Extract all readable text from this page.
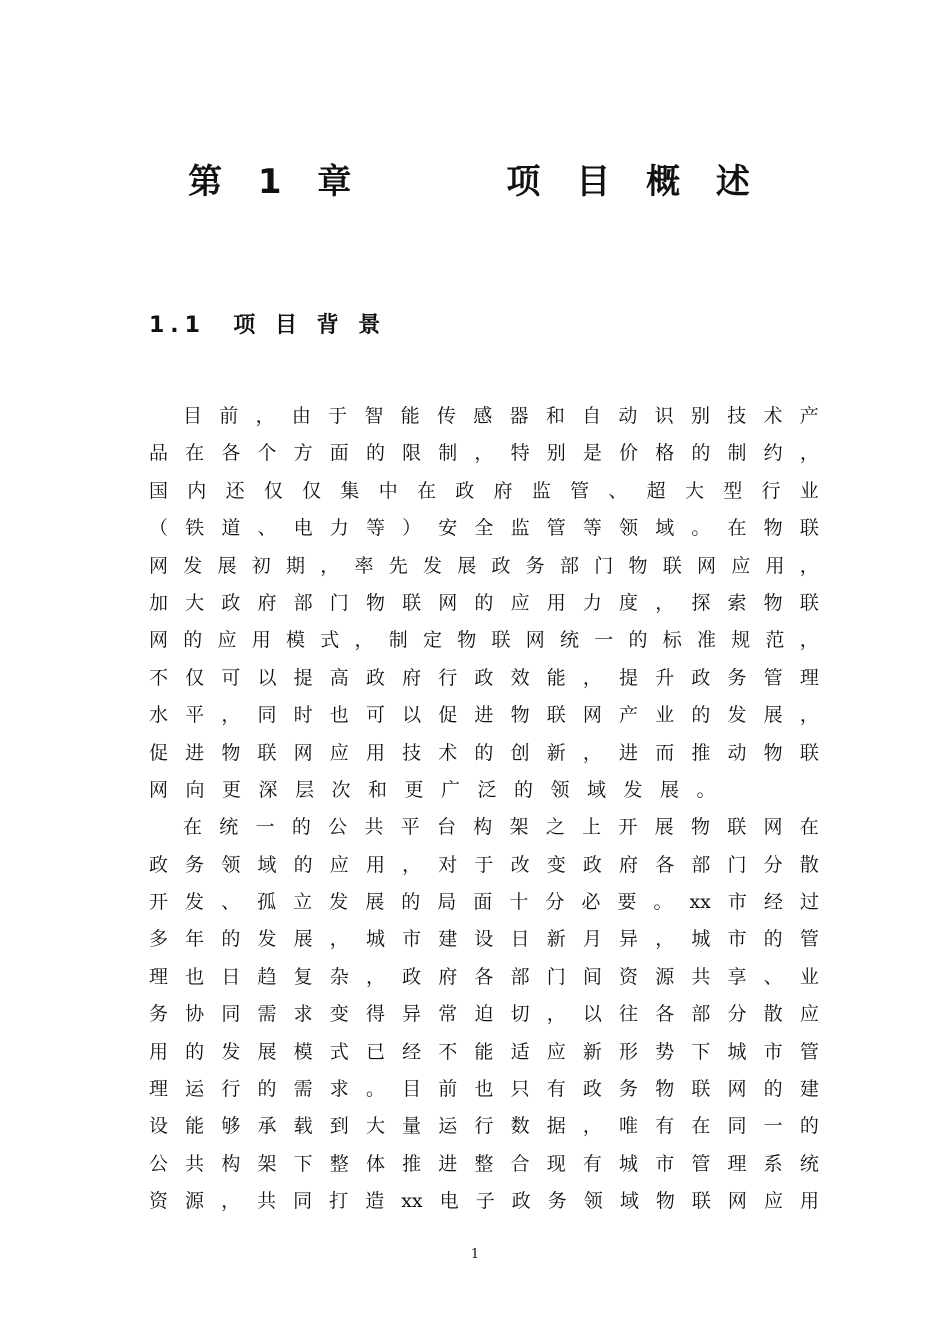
第 1 章      项 目 概 述
1.1  项 目 背 景
目 前 ， 由 于 智 能 传 感 器 和 自 动 识 别 技 术 产
品 在 各 个 方 面 的 限 制 ， 特 别 是 价 格 的 制 约 ，
国 内 还 仅 仅 集 中 在 政 府 监 管 、 超 大 型 行 业
（ 铁 道 、 电 力 等 ） 安 全 监 管 等 领 域 。 在 物 联
网 发 展 初 期 ， 率 先 发 展 政 务 部 门 物 联 网 应 用 ，
加 大 政 府 部 门 物 联 网 的 应 用 力 度 ， 探 索 物 联
网 的 应 用 模 式 ， 制 定 物 联 网 统 一 的 标 准 规 范 ，
不 仅 可 以 提 高 政 府 行 政 效 能 ， 提 升 政 务 管 理
水 平 ， 同 时 也 可 以 促 进 物 联 网 产 业 的 发 展 ，
促 进 物 联 网 应 用 技 术 的 创 新 ， 进 而 推 动 物 联
网向更深层次和更广泛的领域发展。
在 统 一 的 公 共 平 台 构 架 之 上 开 展 物 联 网 在
政 务 领 域 的 应 用 ， 对 于 改 变 政 府 各 部 门 分 散
开 发 、 孤 立 发 展 的 局 面 十 分 必 要 。 xx 市 经 过
多 年 的 发 展 ， 城 市 建 设 日 新 月 异 ， 城 市 的 管
理 也 日 趋 复 杂 ， 政 府 各 部 门 间 资 源 共 享 、 业
务 协 同 需 求 变 得 异 常 迫 切 ， 以 往 各 部 分 散 应
用 的 发 展 模 式 已 经 不 能 适 应 新 形 势 下 城 市 管
理 运 行 的 需 求 。 目 前 也 只 有 政 务 物 联 网 的 建
设 能 够 承 载 到 大 量 运 行 数 据 ， 唯 有 在 同 一 的
公 共 构 架 下 整 体 推 进 整 合 现 有 城 市 管 理 系 统
资 源 ， 共 同 打 造 xx 电 子 政 务 领 域 物 联 网 应 用
1
